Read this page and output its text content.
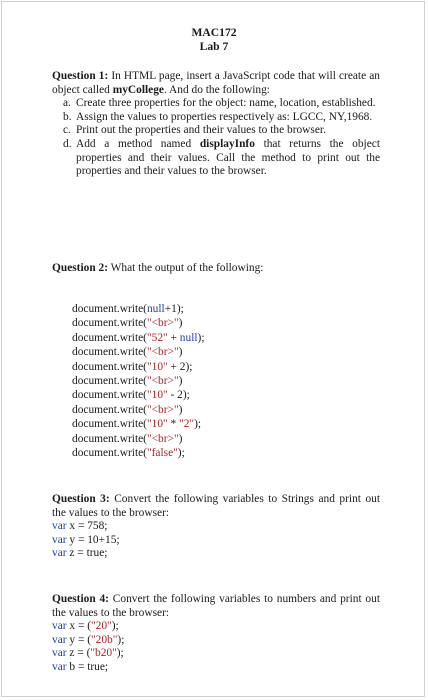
MAC172
Lab 7

Question 1: In HTML page, insert a JavaScript code that will create an object called myCollege. And do the following:

a. Create three properties for the object: name, location, established.
b. Assign the values to properties respectively as: LGCC, NY,1968.
c. Print out the properties and their values to the browser.
d. Add a method named displayInfo that returns the object properties and their values. Call the method to print out the properties and their values to the browser.

Question 2: What the output of the following:

document.write(null+1);
document.write("<br>")
document.write("52" + null);
document.write("<br>")
document.write("10" + 2);
document.write("<br>")
document.write("10" - 2);
document.write("<br>")
document.write("10" * "2");
document.write("<br>")
document.write("false");

Question 3: Convert the following variables to Strings and print out the values to the browser:

var x = 758;
var y = 10+15;
var z = true;

Question 4: Convert the following variables to numbers and print out the values to the browser:

var x = ("20");
var y = ("20b");
var z = ("b20");
var b = true;
